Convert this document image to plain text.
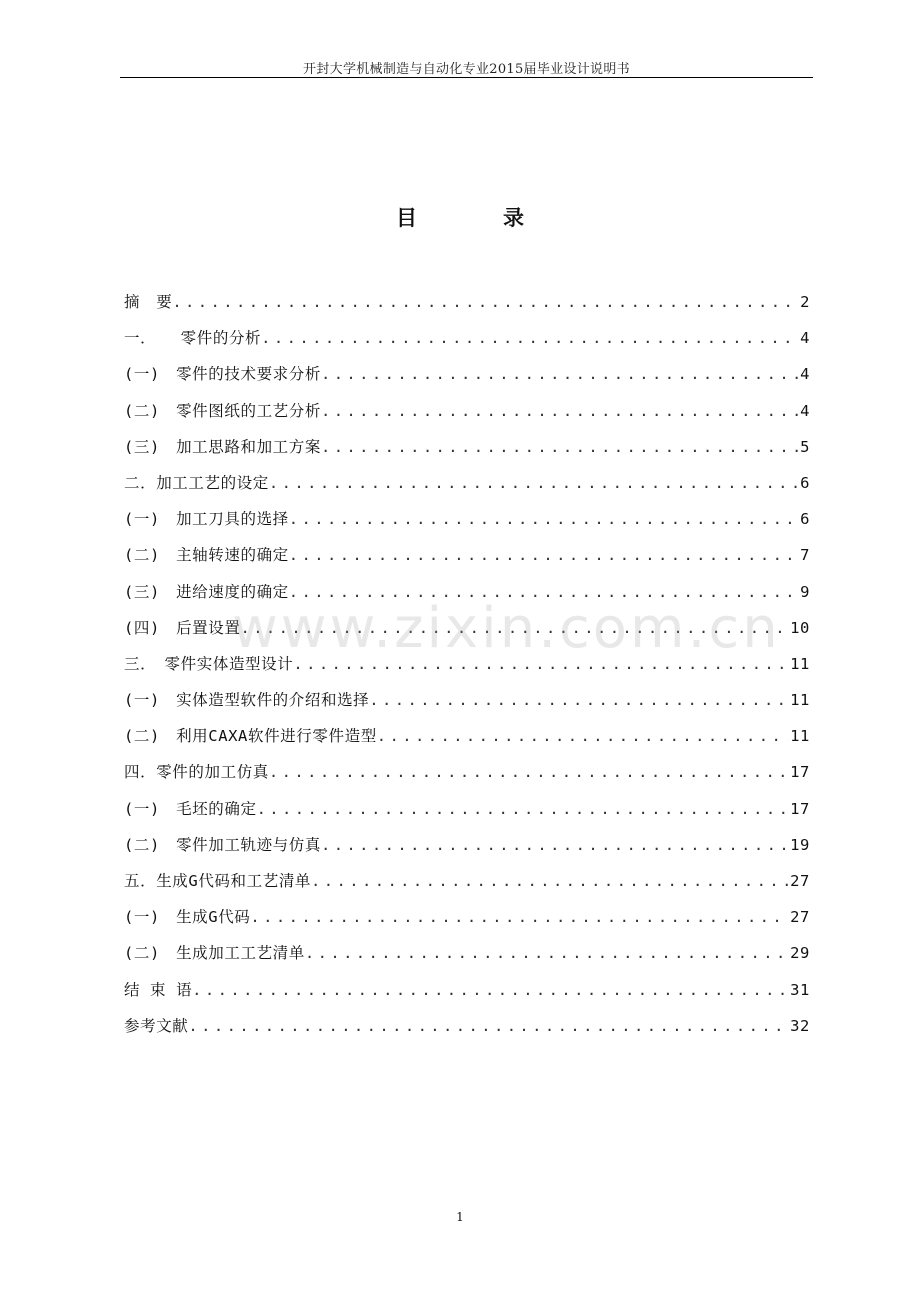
开封大学机械制造与自动化专业2015届毕业设计说明书
目	录
摘　要 .....	2
一．　　零件的分析 .....	4
(一)　零件的技术要求分析 .....	4
(二)　零件图纸的工艺分析 .....	4
(三)　加工思路和加工方案 .....	5
二．加工工艺的设定 .....	6
(一)　加工刀具的选择 .....	6
(二)　主轴转速的确定 .....	7
(三)　进给速度的确定 .....	9
(四)　后置设置 .....	10
三．　零件实体造型设计 .....	11
(一)　实体造型软件的介绍和选择 .....	11
(二)　利用CAXA软件进行零件造型 .....	11
四．零件的加工仿真 .....	17
(一)　毛坯的确定 .....	17
(二)　零件加工轨迹与仿真 .....	19
五．生成G代码和工艺清单 .....	27
(一)　生成G代码 .....	27
(二)　生成加工工艺清单 .....	29
结 束 语 .....	31
参考文献 .....	32
www.zixin.com.cn
1
